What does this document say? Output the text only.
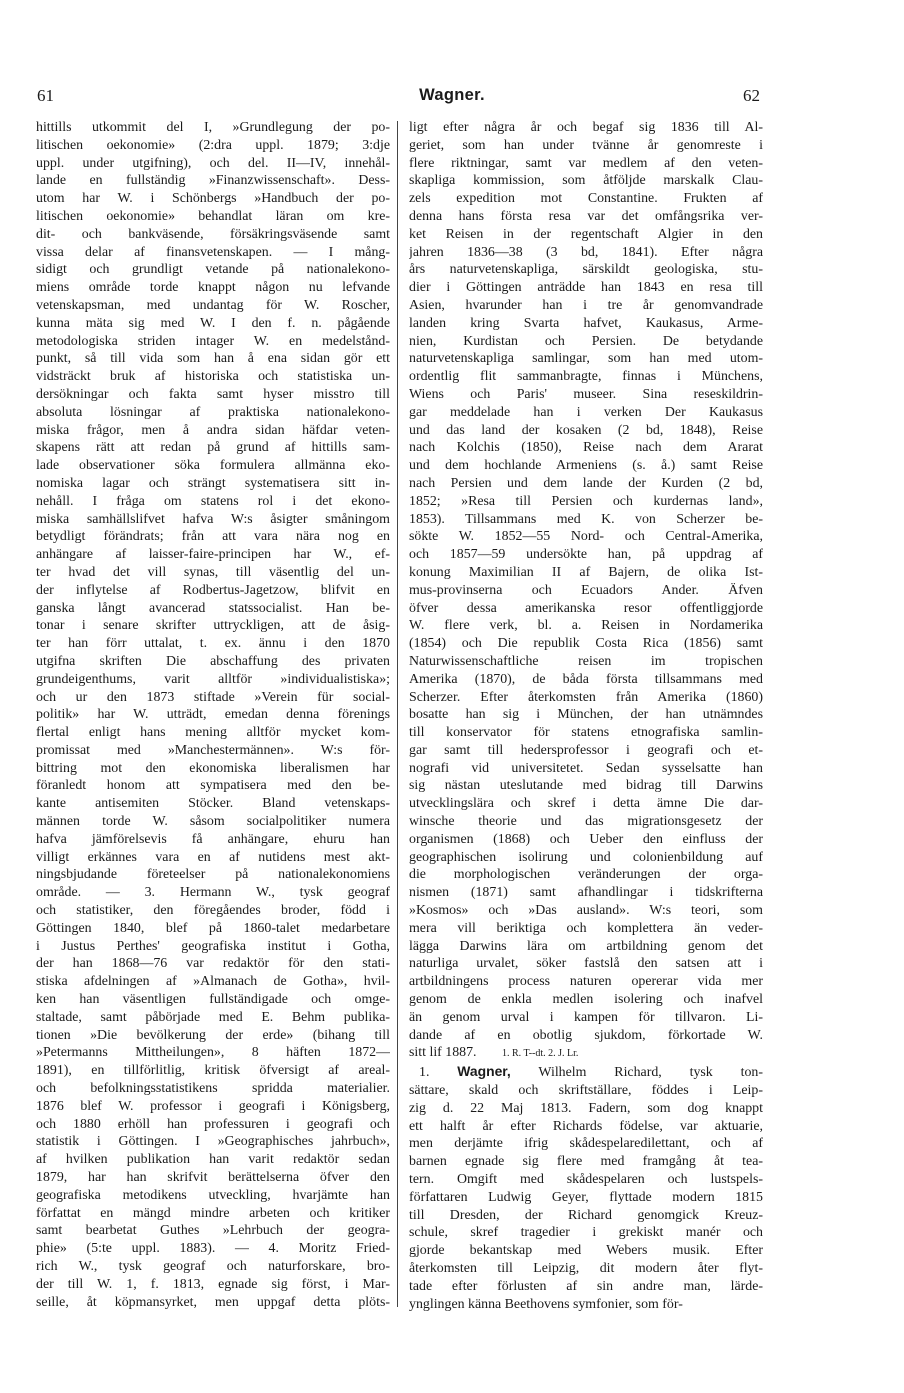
61	Wagner.	62
hittills utkommit del I, »Grundlegung der po-
litischen oekonomie» (2:dra uppl. 1879; 3:dje
uppl. under utgifning), och del. II—IV, innehål-
lande en fullständig »Finanzwissenschaft». Dess-
utom har W. i Schönbergs »Handbuch der po-
litischen oekonomie» behandlat läran om kre-
dit- och bankväsende, försäkringsväsende samt
vissa delar af finansvetenskapen. — I mång-
sidigt och grundligt vetande på nationalekono-
miens område torde knappt någon nu lefvande
vetenskapsman, med undantag för W. Roscher,
kunna mäta sig med W. I den f. n. pågående
metodologiska striden intager W. en medelstånd-
punkt, så till vida som han å ena sidan gör ett
vidsträckt bruk af historiska och statistiska un-
dersökningar och fakta samt hyser misstro till
absoluta lösningar af praktiska nationalekono-
miska frågor, men å andra sidan häfdar veten-
skapens rätt att redan på grund af hittills sam-
lade observationer söka formulera allmänna eko-
nomiska lagar och strängt systematisera sitt in-
nehåll. I fråga om statens rol i det ekono-
miska samhällslifvet hafva W:s åsigter småningom
betydligt förändrats; från att vara nära nog en
anhängare af laisser-faire-principen har W., ef-
ter hvad det vill synas, till väsentlig del un-
der inflytelse af Rodbertus-Jagetzow, blifvit en
ganska långt avancerad statssocialist. Han be-
tonar i senare skrifter uttryckligen, att de åsig-
ter han förr uttalat, t. ex. ännu i den 1870
utgifna skriften Die abschaffung des privaten
grundeigenthums, varit alltför »individualistiska»;
och ur den 1873 stiftade »Verein für social-
politik» har W. utträdt, emedan denna förenings
flertal enligt hans mening alltför mycket kom-
promissat med »Manchestermännen». W:s för-
bittring mot den ekonomiska liberalismen har
föranledt honom att sympatisera med den be-
kante antisemiten Stöcker. Bland vetenskaps-
männen torde W. såsom socialpolitiker numera
hafva jämförelsevis få anhängare, ehuru han
villigt erkännes vara en af nutidens mest akt-
ningsbjudande företeelser på nationalekonomiens
område. — 3. Hermann W., tysk geograf
och statistiker, den föregåendes broder, född i
Göttingen 1840, blef på 1860-talet medarbetare
i Justus Perthes' geografiska institut i Gotha,
der han 1868—76 var redaktör för den stati-
stiska afdelningen af »Almanach de Gotha», hvil-
ken han väsentligen fullständigade och omge-
staltade, samt påbörjade med E. Behm publika-
tionen »Die bevölkerung der erde» (bihang till
»Petermanns Mittheilungen», 8 häften 1872—
1891), en tillförlitlig, kritisk öfversigt af areal-
och befolkningsstatistikens spridda materialier.
1876 blef W. professor i geografi i Königsberg,
och 1880 erhöll han professuren i geografi och
statistik i Göttingen. I »Geographisches jahrbuch»,
af hvilken publikation han varit redaktör sedan
1879, har han skrifvit berättelserna öfver den
geografiska metodikens utveckling, hvarjämte han
författat en mängd mindre arbeten och kritiker
samt bearbetat Guthes »Lehrbuch der geogra-
phie» (5:te uppl. 1883). — 4. Moritz Fried-
rich W., tysk geograf och naturforskare, bro-
der till W. 1, f. 1813, egnade sig först, i Mar-
seille, åt köpmansyrket, men uppgaf detta plöts-
ligt efter några år och begaf sig 1836 till Al-
geriet, som han under tvänne år genomreste i
flere riktningar, samt var medlem af den veten-
skapliga kommission, som åtföljde marskalk Clau-
zels expedition mot Constantine. Frukten af
denna hans första resa var det omfångsrika ver-
ket Reisen in der regentschaft Algier in den
jahren 1836—38 (3 bd, 1841). Efter några
års naturvetenskapliga, särskildt geologiska, stu-
dier i Göttingen anträdde han 1843 en resa till
Asien, hvarunder han i tre år genomvandrade
landen kring Svarta hafvet, Kaukasus, Arme-
nien, Kurdistan och Persien. De betydande
naturvetenskapliga samlingar, som han med utom-
ordentlig flit sammanbragte, finnas i Münchens,
Wiens och Paris' museer. Sina reseskildrin-
gar meddelade han i verken Der Kaukasus
und das land der kosaken (2 bd, 1848), Reise
nach Kolchis (1850), Reise nach dem Ararat
und dem hochlande Armeniens (s. å.) samt Reise
nach Persien und dem lande der Kurden (2 bd,
1852; »Resa till Persien och kurdernas land»,
1853). Tillsammans med K. von Scherzer be-
sökte W. 1852—55 Nord- och Central-Amerika,
och 1857—59 undersökte han, på uppdrag af
konung Maximilian II af Bajern, de olika Ist-
mus-provinserna och Ecuadors Ander. Äfven
öfver dessa amerikanska resor offentliggjorde
W. flere verk, bl. a. Reisen in Nordamerika
(1854) och Die republik Costa Rica (1856) samt
Naturwissenschaftliche reisen im tropischen
Amerika (1870), de båda första tillsammans med
Scherzer. Efter återkomsten från Amerika (1860)
bosatte han sig i München, der han utnämndes
till konservator för statens etnografiska samlin-
gar samt till hedersprofessor i geografi och et-
nografi vid universitetet. Sedan sysselsatte han
sig nästan uteslutande med bidrag till Darwins
utvecklingslära och skref i detta ämne Die dar-
winsche theorie und das migrationsgesetz der
organismen (1868) och Ueber den einfluss der
geographischen isolirung und colonienbildung auf
die morphologischen veränderungen der orga-
nismen (1871) samt afhandlingar i tidskrifterna
»Kosmos» och »Das ausland». W:s teori, som
mera vill beriktiga och komplettera än veder-
lägga Darwins lära om artbildning genom det
naturliga urvalet, söker fastslå den satsen att i
artbildningens process naturen opererar vida mer
genom de enkla medlen isolering och inafvel
än genom urval i kampen för tillvaron. Li-
dande af en obotlig sjukdom, förkortade W.
sitt lif 1887.	1. R. T--dt. 2. J. Lr.
1. Wagner, Wilhelm Richard, tysk ton-
sättare, skald och skriftställare, föddes i Leip-
zig d. 22 Maj 1813. Fadern, som dog knappt
ett halft år efter Richards födelse, var aktuarie,
men derjämte ifrig skådespelaredilettant, och af
barnen egnade sig flere med framgång åt tea-
tern. Omgift med skådespelaren och lustspels-
författaren Ludwig Geyer, flyttade modern 1815
till Dresden, der Richard genomgick Kreuz-
schule, skref tragedier i grekiskt manér och
gjorde bekantskap med Webers musik. Efter
återkomsten till Leipzig, dit modern åter flyt-
tade efter förlusten af sin andre man, lärde-
ynglingen känna Beethovens symfonier, som för-
